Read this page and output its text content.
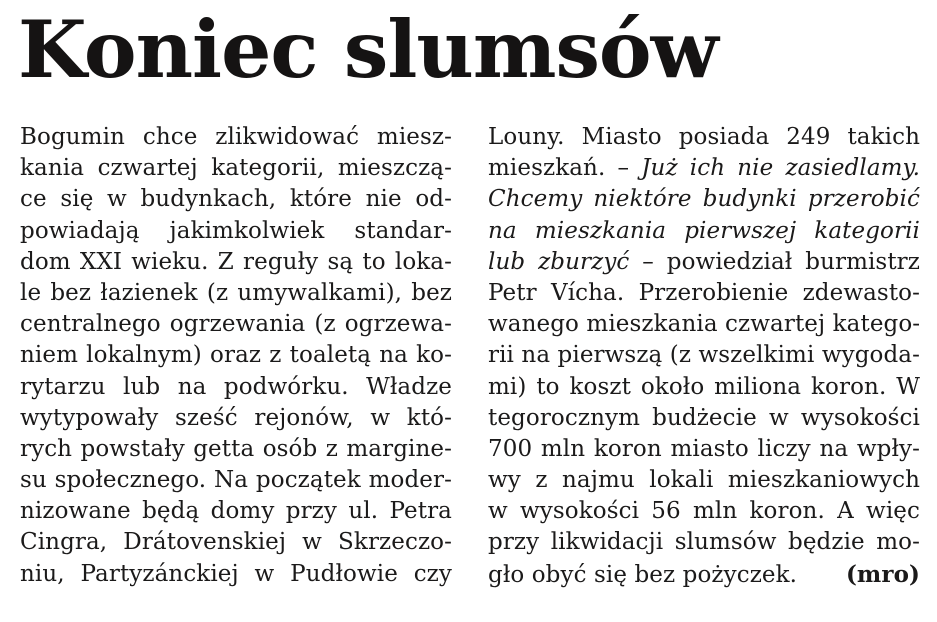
Koniec slumsów
Bogumin chce zlikwidować miesz-
kania czwartej kategorii, mieszczą-
ce się w budynkach, które nie od-
powiadają jakimkolwiek standar-
dom XXI wieku. Z reguły są to loka-
le bez łazienek (z umywalkami), bez
centralnego ogrzewania (z ogrzewa-
niem lokalnym) oraz z toaletą na ko-
rytarzu lub na podwórku. Władze
wytypowały sześć rejonów, w któ-
rych powstały getta osób z margine-
su społecznego. Na początek moder-
nizowane będą domy przy ul. Petra
Cingra, Drátovenskiej w Skrzeczo-
niu, Partyzánckiej w Pudłowie czy
Louny. Miasto posiada 249 takich
mieszkań. – Już ich nie zasiedlamy.
Chcemy niektóre budynki przerobić
na mieszkania pierwszej kategorii
lub zburzyć – powiedział burmistrz
Petr Vícha. Przerobienie zdewasto-
wanego mieszkania czwartej katego-
rii na pierwszą (z wszelkimi wygoda-
mi) to koszt około miliona koron. W
tegorocznym budżecie w wysokości
700 mln koron miasto liczy na wpły-
wy z najmu lokali mieszkaniowych
w wysokości 56 mln koron. A więc
przy likwidacji slumsów będzie mo-
gło obyć się bez pożyczek. (mro)
